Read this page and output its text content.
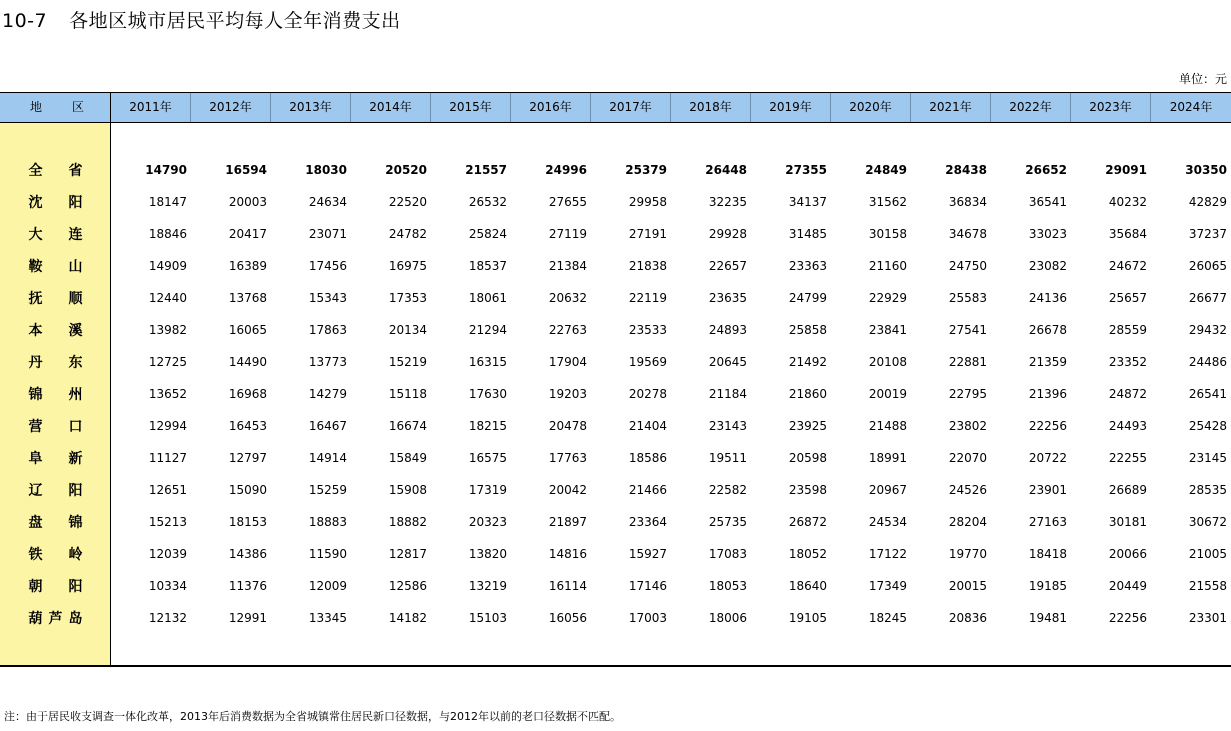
10-7 各地区城市居民平均每人全年消费支出
单位：元
地区	2011年	2012年	2013年	2014年	2015年	2016年	2017年	2018年	2019年	2020年	2021年	2022年	2023年	2024年
全省	14790	16594	18030	20520	21557	24996	25379	26448	27355	24849	28438	26652	29091	30350
沈阳	18147	20003	24634	22520	26532	27655	29958	32235	34137	31562	36834	36541	40232	42829
大连	18846	20417	23071	24782	25824	27119	27191	29928	31485	30158	34678	33023	35684	37237
鞍山	14909	16389	17456	16975	18537	21384	21838	22657	23363	21160	24750	23082	24672	26065
抚顺	12440	13768	15343	17353	18061	20632	22119	23635	24799	22929	25583	24136	25657	26677
本溪	13982	16065	17863	20134	21294	22763	23533	24893	25858	23841	27541	26678	28559	29432
丹东	12725	14490	13773	15219	16315	17904	19569	20645	21492	20108	22881	21359	23352	24486
锦州	13652	16968	14279	15118	17630	19203	20278	21184	21860	20019	22795	21396	24872	26541
营口	12994	16453	16467	16674	18215	20478	21404	23143	23925	21488	23802	22256	24493	25428
阜新	11127	12797	14914	15849	16575	17763	18586	19511	20598	18991	22070	20722	22255	23145
辽阳	12651	15090	15259	15908	17319	20042	21466	22582	23598	20967	24526	23901	26689	28535
盘锦	15213	18153	18883	18882	20323	21897	23364	25735	26872	24534	28204	27163	30181	30672
铁岭	12039	14386	11590	12817	13820	14816	15927	17083	18052	17122	19770	18418	20066	21005
朝阳	10334	11376	12009	12586	13219	16114	17146	18053	18640	17349	20015	19185	20449	21558
葫芦岛	12132	12991	13345	14182	15103	16056	17003	18006	19105	18245	20836	19481	22256	23301
注：由于居民收支调查一体化改革，2013年后消费数据为全省城镇常住居民新口径数据，与2012年以前的老口径数据不匹配。
